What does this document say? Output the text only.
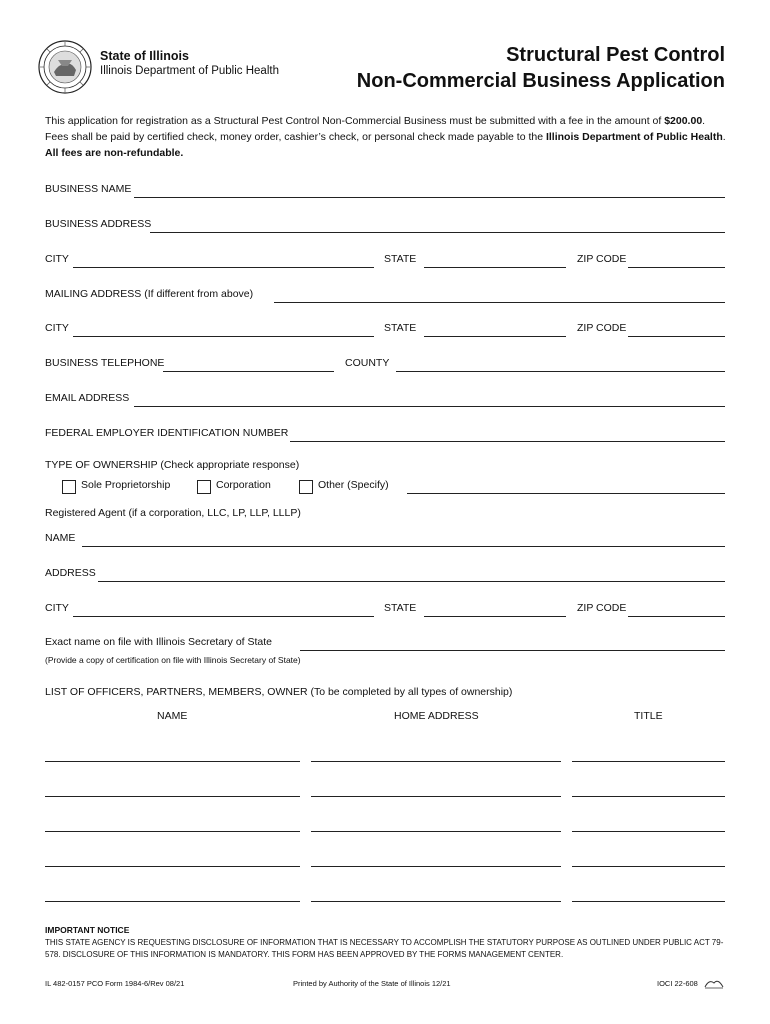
State of Illinois
Illinois Department of Public Health
Structural Pest Control
Non-Commercial Business Application
This application for registration as a Structural Pest Control Non-Commercial Business must be submitted with a fee in the amount of $200.00. Fees shall be paid by certified check, money order, cashier’s check, or personal check made payable to the Illinois Department of Public Health. All fees are non-refundable.
BUSINESS NAME
BUSINESS ADDRESS
CITY	STATE	ZIP CODE
MAILING ADDRESS (If different from above)
CITY	STATE	ZIP CODE
BUSINESS TELEPHONE	COUNTY
EMAIL ADDRESS
FEDERAL EMPLOYER IDENTIFICATION NUMBER
TYPE OF OWNERSHIP (Check appropriate response)
Sole Proprietorship	Corporation	Other (Specify)
Registered Agent (if a corporation, LLC, LP, LLP, LLLP)
NAME
ADDRESS
CITY	STATE	ZIP CODE
Exact name on file with Illinois Secretary of State
(Provide a copy of certification on file with Illinois Secretary of State)
LIST OF OFFICERS, PARTNERS, MEMBERS, OWNER (To be completed by all types of ownership)
NAME	HOME ADDRESS	TITLE
IMPORTANT NOTICE
THIS STATE AGENCY IS REQUESTING DISCLOSURE OF INFORMATION THAT IS NECESSARY TO ACCOMPLISH THE STATUTORY PURPOSE AS OUTLINED UNDER PUBLIC ACT 79-578. DISCLOSURE OF THIS INFORMATION IS MANDATORY. THIS FORM HAS BEEN APPROVED BY THE FORMS MANAGEMENT CENTER.
IL 482-0157 PCO Form 1984-6/Rev 08/21	Printed by Authority of the State of Illinois 12/21	IOCI 22-608
